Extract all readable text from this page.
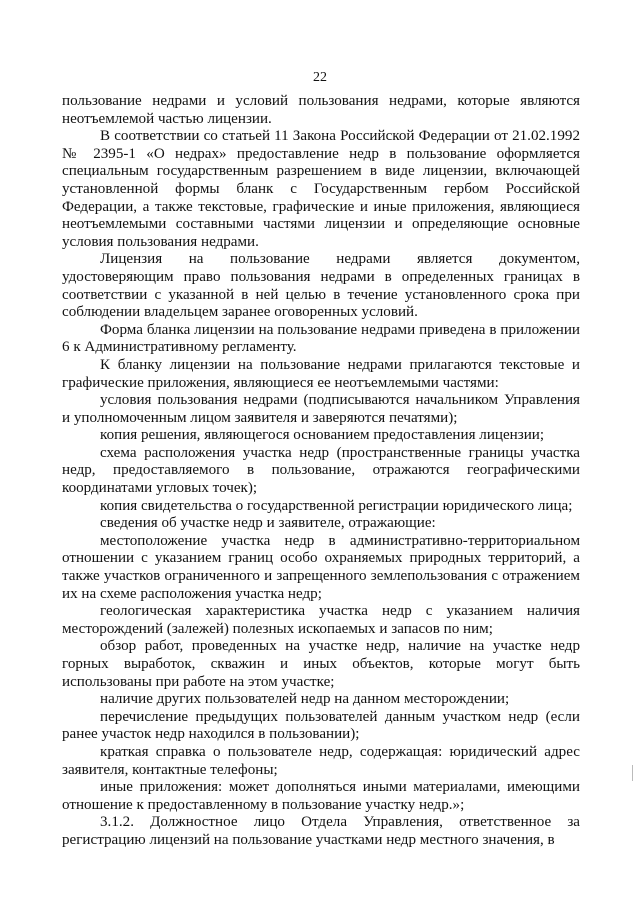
22

пользование недрами и условий пользования недрами, которые являются неотъемлемой частью лицензии.

В соответствии со статьей 11 Закона Российской Федерации от 21.02.1992 № 2395-1 «О недрах» предоставление недр в пользование оформляется специальным государственным разрешением в виде лицензии, включающей установленной формы бланк с Государственным гербом Российской Федерации, а также текстовые, графические и иные приложения, являющиеся неотъемлемыми составными частями лицензии и определяющие основные условия пользования недрами.

Лицензия на пользование недрами является документом, удостоверяющим право пользования недрами в определенных границах в соответствии с указанной в ней целью в течение установленного срока при соблюдении владельцем заранее оговоренных условий.

Форма бланка лицензии на пользование недрами приведена в приложении 6 к Административному регламенту.

К бланку лицензии на пользование недрами прилагаются текстовые и графические приложения, являющиеся ее неотъемлемыми частями:

условия пользования недрами (подписываются начальником Управления и уполномоченным лицом заявителя и заверяются печатями);

копия решения, являющегося основанием предоставления лицензии;

схема расположения участка недр (пространственные границы участка недр, предоставляемого в пользование, отражаются географическими координатами угловых точек);

копия свидетельства о государственной регистрации юридического лица;

сведения об участке недр и заявителе, отражающие:

местоположение участка недр в административно-территориальном отношении с указанием границ особо охраняемых природных территорий, а также участков ограниченного и запрещенного землепользования с отражением их на схеме расположения участка недр;

геологическая характеристика участка недр с указанием наличия месторождений (залежей) полезных ископаемых и запасов по ним;

обзор работ, проведенных на участке недр, наличие на участке недр горных выработок, скважин и иных объектов, которые могут быть использованы при работе на этом участке;

наличие других пользователей недр на данном месторождении;

перечисление предыдущих пользователей данным участком недр (если ранее участок недр находился в пользовании);

краткая справка о пользователе недр, содержащая: юридический адрес заявителя, контактные телефоны;

иные приложения: может дополняться иными материалами, имеющими отношение к предоставленному в пользование участку недр.»;

3.1.2. Должностное лицо Отдела Управления, ответственное за регистрацию лицензий на пользование участками недр местного значения, в
